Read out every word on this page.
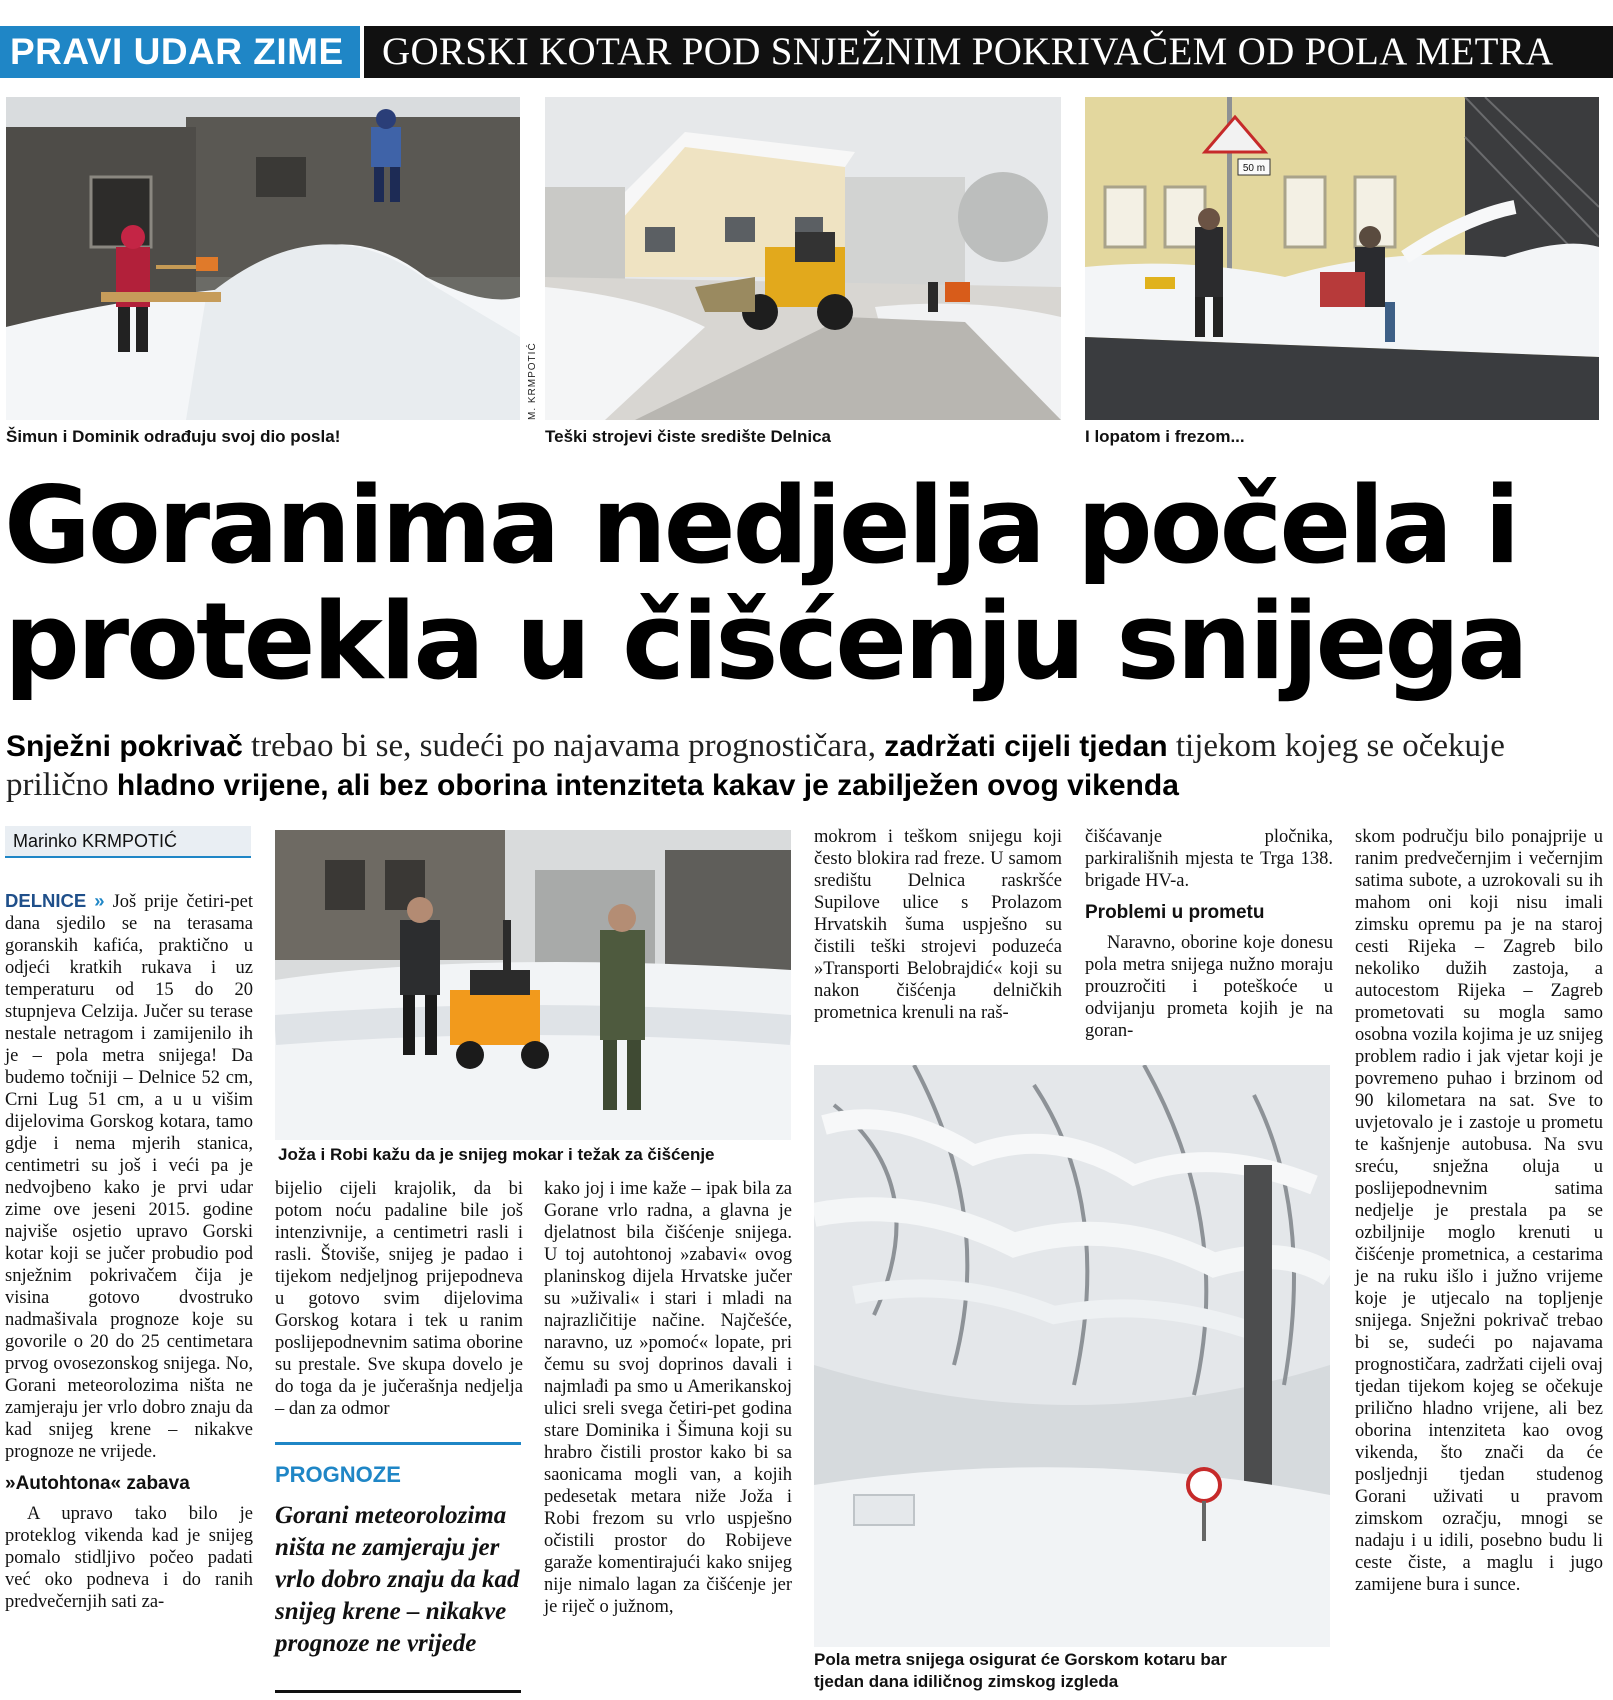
PRAVI UDAR ZIME GORSKI KOTAR POD SNJEŽNIM POKRIVAČEM OD POLA METRA
Šimun i Dominik odrađuju svoj dio posla!
M. KRMPOTIĆ
Teški strojevi čiste središte Delnica
50 m
I lopatom i frezom...
Goranima nedjelja počela i
protekla u čišćenju snijega
Snježni pokrivač trebao bi se, sudeći po najavama prognostičara, zadržati cijeli tjedan tijekom kojeg se očekuje prilično hladno vrijene, ali bez oborina intenziteta kakav je zabilježen ovog vikenda
Marinko KRMPOTIĆ

DELNICE » Još prije četiri-pet dana sjedilo se na terasama goranskih kafića, praktično u odjeći kratkih rukava i uz temperaturu od 15 do 20 stupnjeva Celzija. Jučer su terase nestale netragom i zamijenilo ih je – pola metra snijega! Da budemo točniji – Delnice 52 cm, Crni Lug 51 cm, a u u višim dijelovima Gorskog kotara, tamo gdje i nema mjerih stanica, centimetri su još i veći pa je nedvojbeno kako je prvi udar zime ove jeseni 2015. godine najviše osjetio upravo Gorski kotar koji se jučer probudio pod snježnim pokrivačem čija je visina gotovo dvostruko nadmašivala prognoze koje su govorile o 20 do 25 centimetara prvog ovosezonskog snijega. No, Gorani meteorolozima ništa ne zamjeraju jer vrlo dobro znaju da kad snijeg krene – nikakve prognoze ne vrijede.

»Autohtona« zabava

A upravo tako bilo je proteklog vikenda kad je snijeg pomalo stidljivo počeo padati već oko podneva i do ranih predvečernjih sati za-

Joža i Robi kažu da je snijeg mokar i težak za čišćenje

bijelio cijeli krajolik, da bi potom noću padaline bile još intenzivnije, a centimetri rasli i rasli. Štoviše, snijeg je padao i tijekom nedjeljnog prijepodneva u gotovo svim dijelovima Gorskog kotara i tek u ranim poslijepodnevnim satima oborine su prestale. Sve skupa dovelo je do toga da je jučerašnja nedjelja – dan za odmor

PROGNOZE
Gorani meteorolozima ništa ne zamjeraju jer vrlo dobro znaju da kad snijeg krene – nikakve prognoze ne vrijede

kako joj i ime kaže – ipak bila za Gorane vrlo radna, a glavna je djelatnost bila čišćenje snijega. U toj autohtonoj »zabavi« ovog planinskog dijela Hrvatske jučer su »uživali« i stari i mladi na najrazličitije načine. Najčešće, naravno, uz »pomoć« lopate, pri čemu su svoj doprinos davali i najmlađi pa smo u Amerikanskoj ulici sreli svega četiri-pet godina stare Dominika i Šimuna koji su hrabro čistili prostor kako bi sa saonicama mogli van, a kojih pedesetak metara niže Joža i Robi frezom su vrlo uspješno očistili prostor do Robijeve garaže komentirajući kako snijeg nije nimalo lagan za čišćenje jer je riječ o južnom,

mokrom i teškom snijegu koji često blokira rad freze. U samom središtu Delnica raskršće Supilove ulice s Prolazom Hrvatskih šuma uspješno su čistili teški strojevi poduzeća »Transporti Belobrajdić« koji su nakon čišćenja delničkih prometnica krenuli na raš-

čišćavanje pločnika, parkirališnih mjesta te Trga 138. brigade HV-a.

Problemi u prometu

Naravno, oborine koje donesu pola metra snijega nužno moraju prouzročiti i poteškoće u odvijanju prometa kojih je na goran-

Pola metra snijega osigurat će Gorskom kotaru bar
tjedan dana idiličnog zimskog izgleda

skom području bilo ponajprije u ranim predvečernjim i večernjim satima subote, a uzrokovali su ih mahom oni koji nisu imali zimsku opremu pa je na staroj cesti Rijeka – Zagreb bilo nekoliko dužih zastoja, a autocestom Rijeka – Zagreb prometovati su mogla samo osobna vozila kojima je uz snijeg problem radio i jak vjetar koji je povremeno puhao i brzinom od 90 kilometara na sat. Sve to uvjetovalo je i zastoje u prometu te kašnjenje autobusa. Na svu sreću, snježna oluja u poslijepodnevnim satima nedjelje je prestala pa se ozbiljnije moglo krenuti u čišćenje prometnica, a cestarima je na ruku išlo i južno vrijeme koje je utjecalo na topljenje snijega. Snježni pokrivač trebao bi se, sudeći po najavama prognostičara, zadržati cijeli ovaj tjedan tijekom kojeg se očekuje prilično hladno vrijene, ali bez oborina intenziteta kao ovog vikenda, što znači da će posljednji tjedan studenog Gorani uživati u pravom zimskom ozračju, mnogi se nadaju i u idili, posebno budu li ceste čiste, a maglu i jugo zamijene bura i sunce.
